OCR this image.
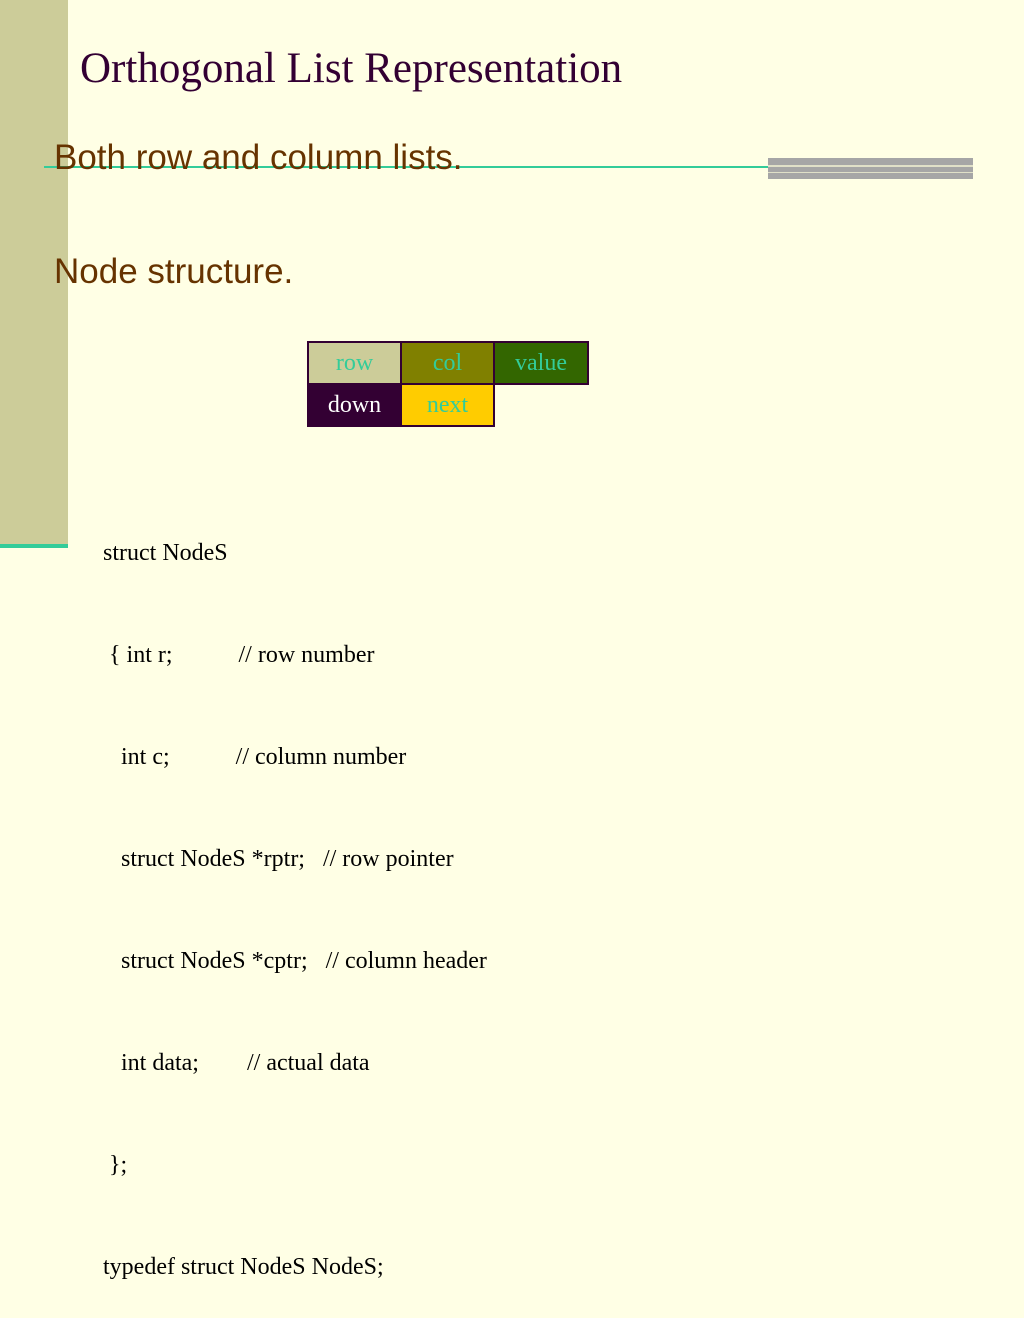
Orthogonal List Representation
Both row and column lists.
Node structure.
row	col	value
down	next

struct NodeS

{ int r;           // row number

int c;           // column number

struct NodeS *rptr;   // row pointer

struct NodeS *cptr;   // column header

int data;        // actual data

};

typedef struct NodeS NodeS;
